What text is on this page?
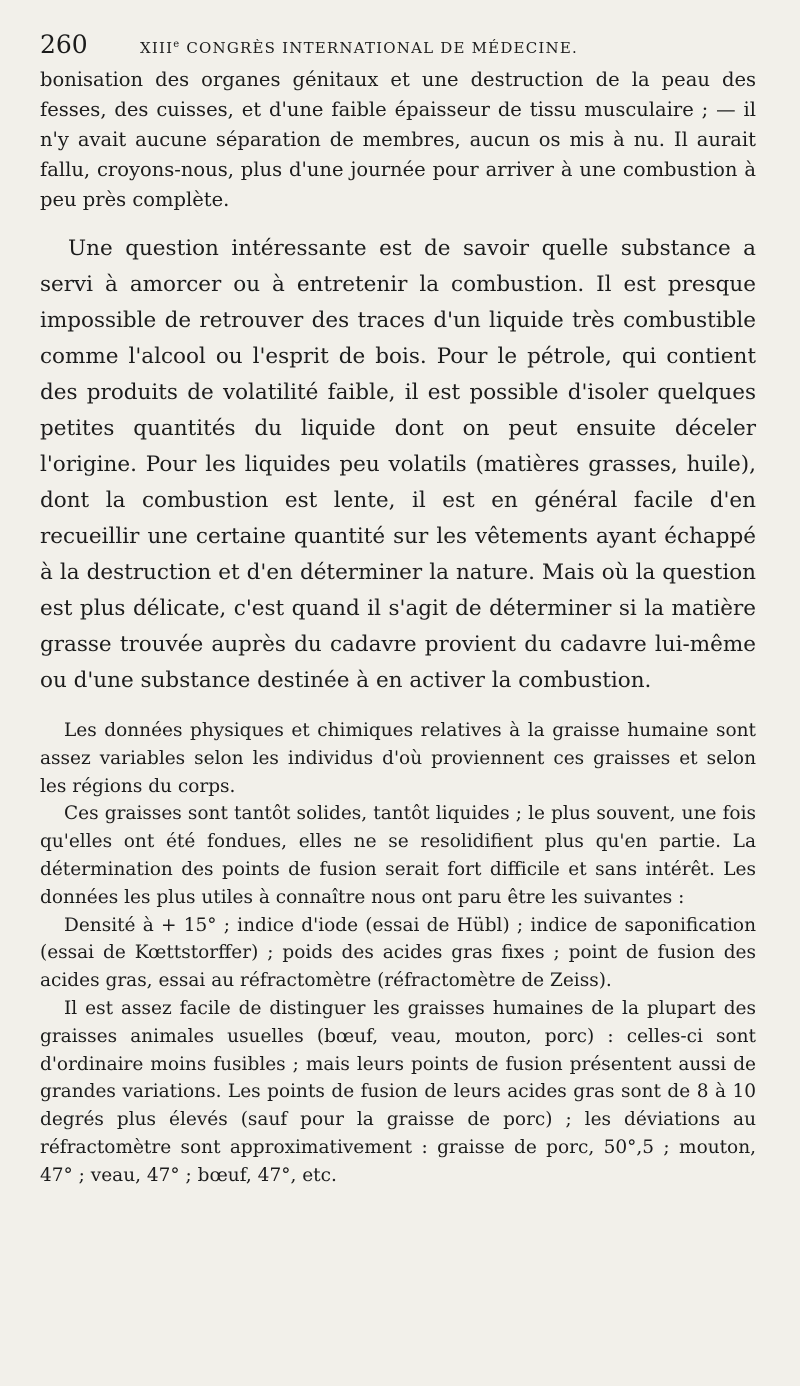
260	XIIIe CONGRÈS INTERNATIONAL DE MÉDECINE.

bonisation des organes génitaux et une destruction de la peau des fesses, des cuisses, et d'une faible épaisseur de tissu musculaire ; — il n'y avait aucune séparation de membres, aucun os mis à nu. Il aurait fallu, croyons-nous, plus d'une journée pour arriver à une combustion à peu près complète.

Une question intéressante est de savoir quelle substance a servi à amorcer ou à entretenir la combustion. Il est presque impossible de retrouver des traces d'un liquide très combustible comme l'alcool ou l'esprit de bois. Pour le pétrole, qui contient des produits de volatilité faible, il est possible d'isoler quelques petites quantités du liquide dont on peut ensuite déceler l'origine. Pour les liquides peu volatils (matières grasses, huile), dont la combustion est lente, il est en général facile d'en recueillir une certaine quantité sur les vêtements ayant échappé à la destruction et d'en déterminer la nature. Mais où la question est plus délicate, c'est quand il s'agit de déterminer si la matière grasse trouvée auprès du cadavre provient du cadavre lui-même ou d'une substance destinée à en activer la combustion.

Les données physiques et chimiques relatives à la graisse humaine sont assez variables selon les individus d'où proviennent ces graisses et selon les régions du corps.

Ces graisses sont tantôt solides, tantôt liquides ; le plus souvent, une fois qu'elles ont été fondues, elles ne se resolidifient plus qu'en partie. La détermination des points de fusion serait fort difficile et sans intérêt. Les données les plus utiles à connaître nous ont paru être les suivantes :

Densité à + 15° ; indice d'iode (essai de Hübl) ; indice de saponification (essai de Kœttstorffer) ; poids des acides gras fixes ; point de fusion des acides gras, essai au réfractomètre (réfractomètre de Zeiss).

Il est assez facile de distinguer les graisses humaines de la plupart des graisses animales usuelles (bœuf, veau, mouton, porc) : celles-ci sont d'ordinaire moins fusibles ; mais leurs points de fusion présentent aussi de grandes variations. Les points de fusion de leurs acides gras sont de 8 à 10 degrés plus élevés (sauf pour la graisse de porc) ; les déviations au réfractomètre sont approximativement : graisse de porc, 50°,5 ; mouton, 47° ; veau, 47° ; bœuf, 47°, etc.
